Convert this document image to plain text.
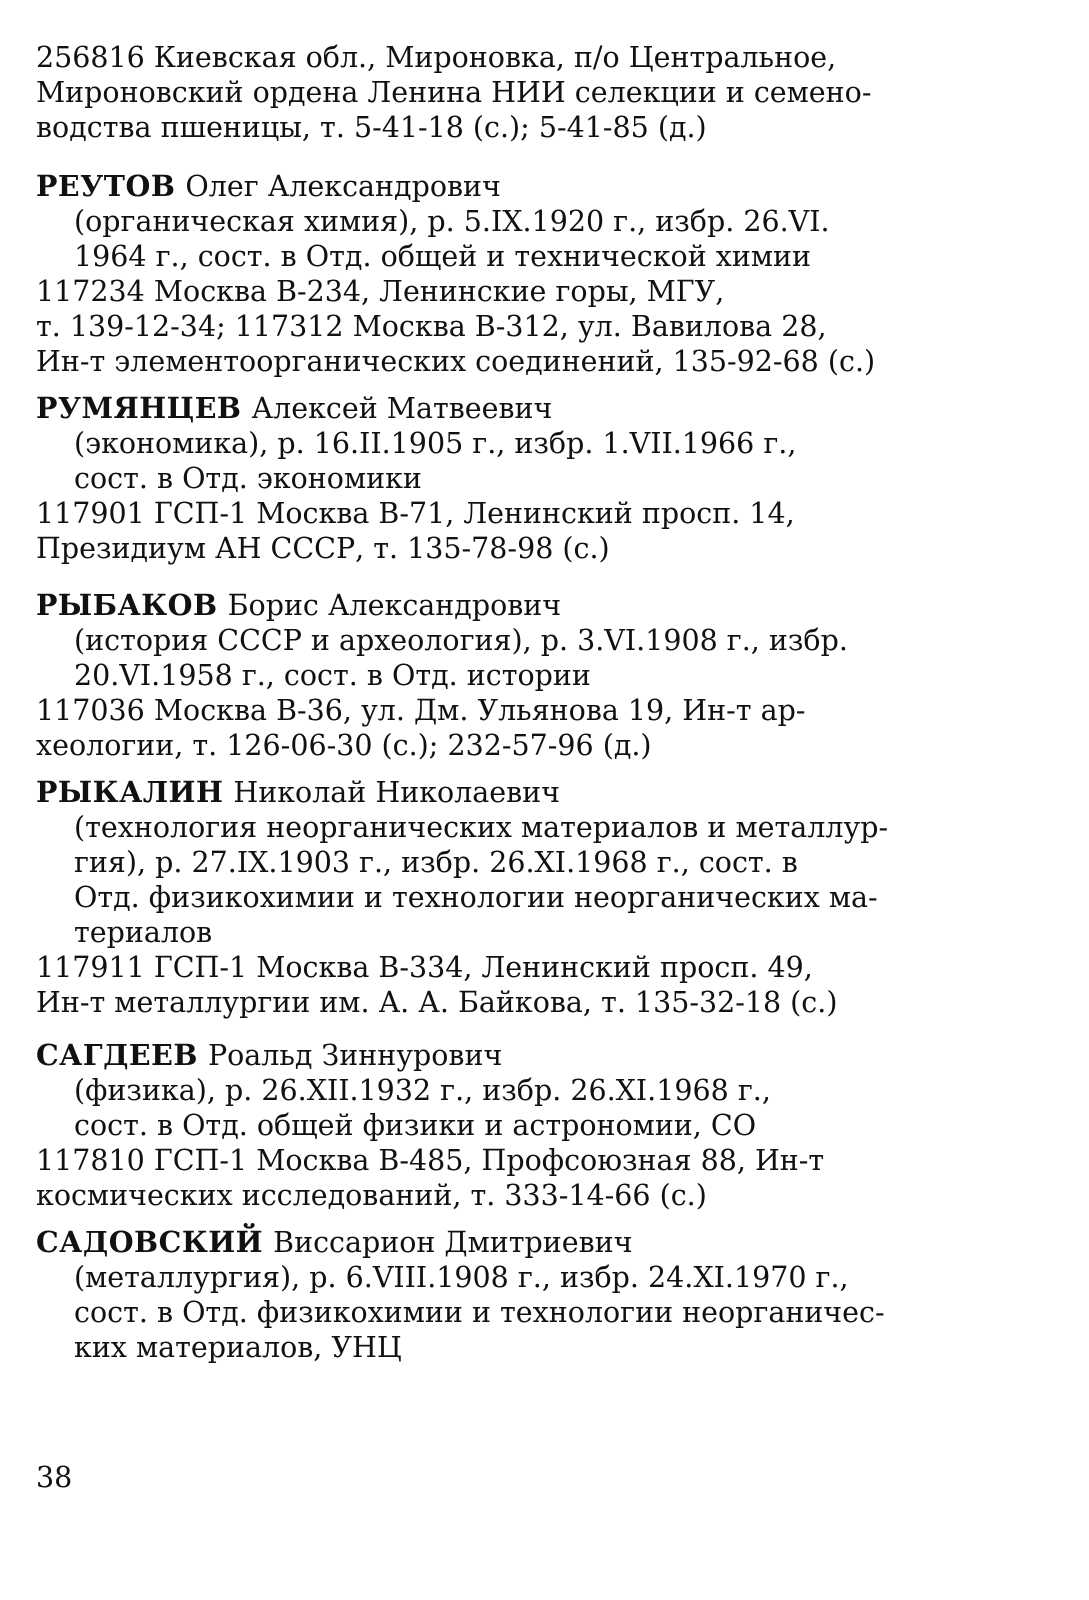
256816 Киевская обл., Мироновка, п/о Центральное,
Мироновский ордена Ленина НИИ селекции и семено-
водства пшеницы, т. 5-41-18 (с.); 5-41-85 (д.)
РЕУТОВ Олег Александрович
(органическая химия), р. 5.IX.1920 г., избр. 26.VI.
1964 г., сост. в Отд. общей и технической химии
117234 Москва В-234, Ленинские горы, МГУ,
т. 139-12-34; 117312 Москва В-312, ул. Вавилова 28,
Ин-т элементоорганических соединений, 135-92-68 (с.)
РУМЯНЦЕВ Алексей Матвеевич
(экономика), р. 16.II.1905 г., избр. 1.VII.1966 г.,
сост. в Отд. экономики
117901 ГСП-1 Москва В-71, Ленинский просп. 14,
Президиум АН СССР, т. 135-78-98 (с.)
РЫБАКОВ Борис Александрович
(история СССР и археология), р. 3.VI.1908 г., избр.
20.VI.1958 г., сост. в Отд. истории
117036 Москва В-36, ул. Дм. Ульянова 19, Ин-т ар-
хеологии, т. 126-06-30 (с.); 232-57-96 (д.)
РЫКАЛИН Николай Николаевич
(технология неорганических материалов и металлур-
гия), р. 27.IX.1903 г., избр. 26.XI.1968 г., сост. в
Отд. физикохимии и технологии неорганических ма-
териалов
117911 ГСП-1 Москва В-334, Ленинский просп. 49,
Ин-т металлургии им. А. А. Байкова, т. 135-32-18 (с.)
САГДЕЕВ Роальд Зиннурович
(физика), р. 26.XII.1932 г., избр. 26.XI.1968 г.,
сост. в Отд. общей физики и астрономии, СО
117810 ГСП-1 Москва В-485, Профсоюзная 88, Ин-т
космических исследований, т. 333-14-66 (с.)
САДОВСКИЙ Виссарион Дмитриевич
(металлургия), р. 6.VIII.1908 г., избр. 24.XI.1970 г.,
сост. в Отд. физикохимии и технологии неорганичес-
ких материалов, УНЦ
38
